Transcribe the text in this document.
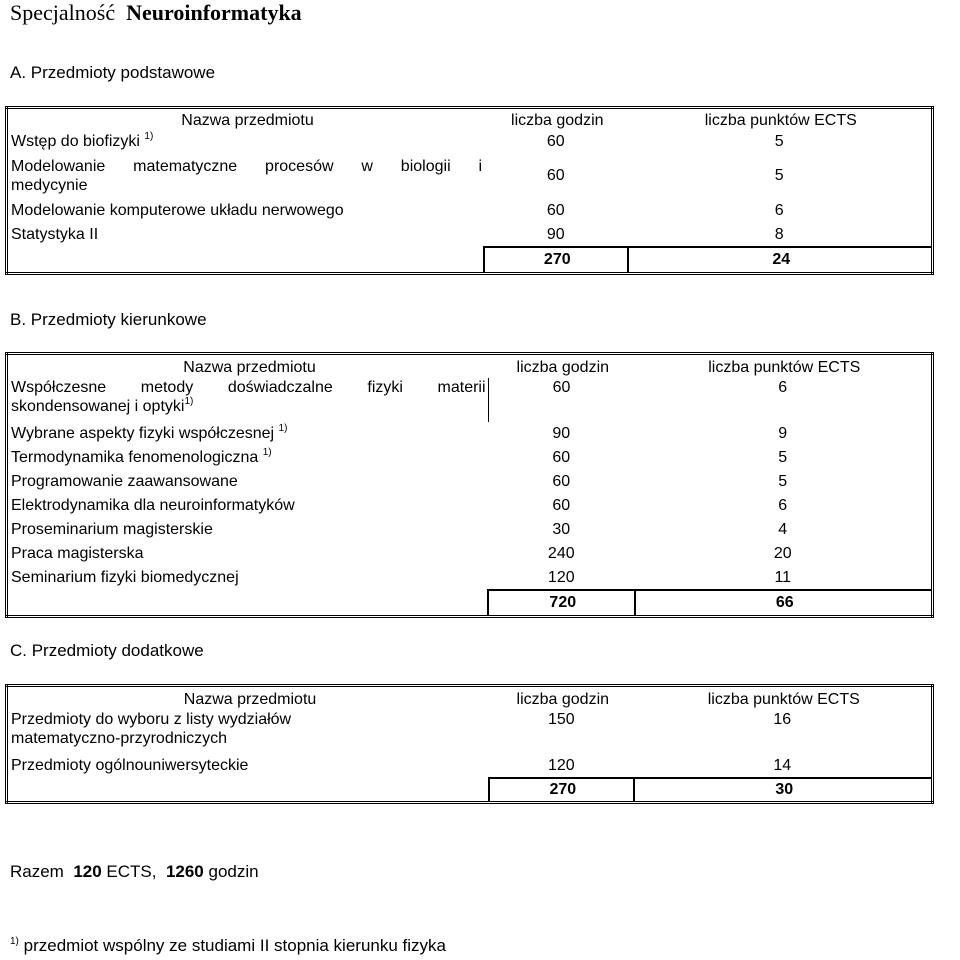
Specjalność Neuroinformatyka
A. Przedmioty podstawowe
Nazwa przedmiotu	liczba godzin	liczba punktów ECTS
Wstęp do biofizyki $^{1)}$	60	5

Modelowanie matematyczne procesów w biologii i
medycynie	60	5
Modelowanie komputerowe układu nerwowego	60	6
Statystyka II	90	8
	270	24
B. Przedmioty kierunkowe
Nazwa przedmiotu	liczba godzin	liczba punktów ECTS

Współczesne metody doświadczalne fizyki materii
skondensowanej i optyki$^{1)}$	60	6
Wybrane aspekty fizyki współczesnej $^{1)}$	90	9
Termodynamika fenomenologiczna $^{1)}$	60	5
Programowanie zaawansowane	60	5
Elektrodynamika dla neuroinformatyków	60	6
Proseminarium magisterskie	30	4
Praca magisterska	240	20
Seminarium fizyki biomedycznej	120	11
	720	66
C. Przedmioty dodatkowe
Nazwa przedmiotu	liczba godzin	liczba punktów ECTS

Przedmioty do wyboru z listy wydziałów
matematyczno-przyrodniczych	150	16
Przedmioty ogólnouniwersyteckie	120	14
	270	30
Razem 120 ECTS, 1260 godzin
$^{1)}$ przedmiot wspólny ze studiami II stopnia kierunku fizyka
